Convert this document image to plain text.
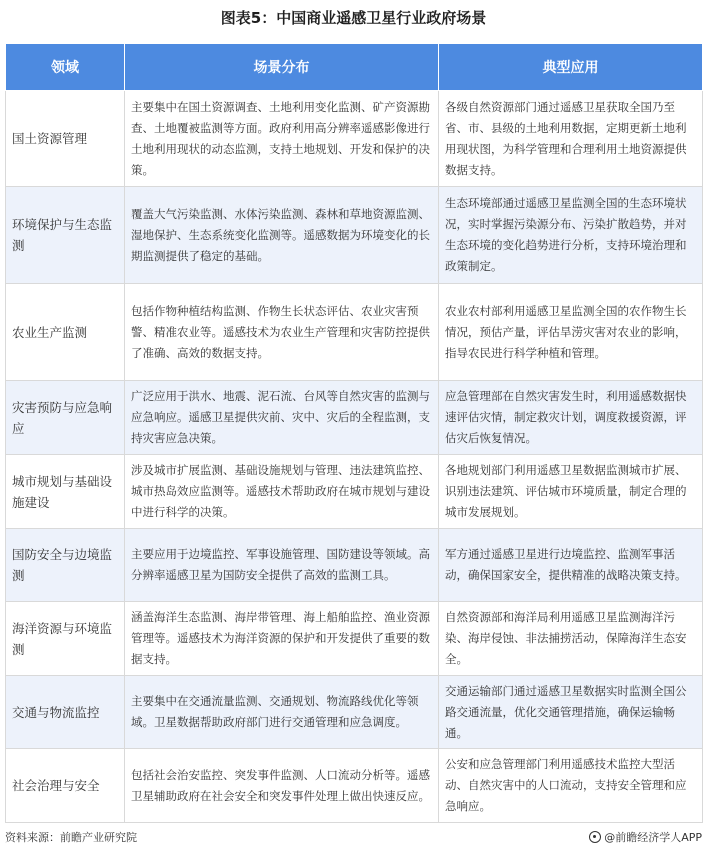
图表5：中国商业遥感卫星行业政府场景
领域	场景分布	典型应用
国土资源管理	主要集中在国土资源调查、土地利用变化监测、矿产资源勘查、土地覆被监测等方面。政府利用高分辨率遥感影像进行土地利用现状的动态监测，支持土地规划、开发和保护的决策。	各级自然资源部门通过遥感卫星获取全国乃至省、市、县级的土地利用数据，定期更新土地利用现状图，为科学管理和合理利用土地资源提供数据支持。
环境保护与生态监测	覆盖大气污染监测、水体污染监测、森林和草地资源监测、湿地保护、生态系统变化监测等。遥感数据为环境变化的长期监测提供了稳定的基础。	生态环境部通过遥感卫星监测全国的生态环境状况，实时掌握污染源分布、污染扩散趋势，并对生态环境的变化趋势进行分析，支持环境治理和政策制定。
农业生产监测	包括作物种植结构监测、作物生长状态评估、农业灾害预警、精准农业等。遥感技术为农业生产管理和灾害防控提供了准确、高效的数据支持。	农业农村部利用遥感卫星监测全国的农作物生长情况，预估产量，评估旱涝灾害对农业的影响，指导农民进行科学种植和管理。
灾害预防与应急响应	广泛应用于洪水、地震、泥石流、台风等自然灾害的监测与应急响应。遥感卫星提供灾前、灾中、灾后的全程监测，支持灾害应急决策。	应急管理部在自然灾害发生时，利用遥感数据快速评估灾情，制定救灾计划，调度救援资源，评估灾后恢复情况。
城市规划与基础设施建设	涉及城市扩展监测、基础设施规划与管理、违法建筑监控、城市热岛效应监测等。遥感技术帮助政府在城市规划与建设中进行科学的决策。	各地规划部门利用遥感卫星数据监测城市扩展、识别违法建筑、评估城市环境质量，制定合理的城市发展规划。
国防安全与边境监测	主要应用于边境监控、军事设施管理、国防建设等领域。高分辨率遥感卫星为国防安全提供了高效的监测工具。	军方通过遥感卫星进行边境监控、监测军事活动，确保国家安全，提供精准的战略决策支持。
海洋资源与环境监测	涵盖海洋生态监测、海岸带管理、海上船舶监控、渔业资源管理等。遥感技术为海洋资源的保护和开发提供了重要的数据支持。	自然资源部和海洋局利用遥感卫星监测海洋污染、海岸侵蚀、非法捕捞活动，保障海洋生态安全。
交通与物流监控	主要集中在交通流量监测、交通规划、物流路线优化等领域。卫星数据帮助政府部门进行交通管理和应急调度。	交通运输部门通过遥感卫星数据实时监测全国公路交通流量，优化交通管理措施，确保运输畅通。
社会治理与安全	包括社会治安监控、突发事件监测、人口流动分析等。遥感卫星辅助政府在社会安全和突发事件处理上做出快速反应。	公安和应急管理部门利用遥感技术监控大型活动、自然灾害中的人口流动，支持安全管理和应急响应。
资料来源：前瞻产业研究院	@前瞻经济学人APP
